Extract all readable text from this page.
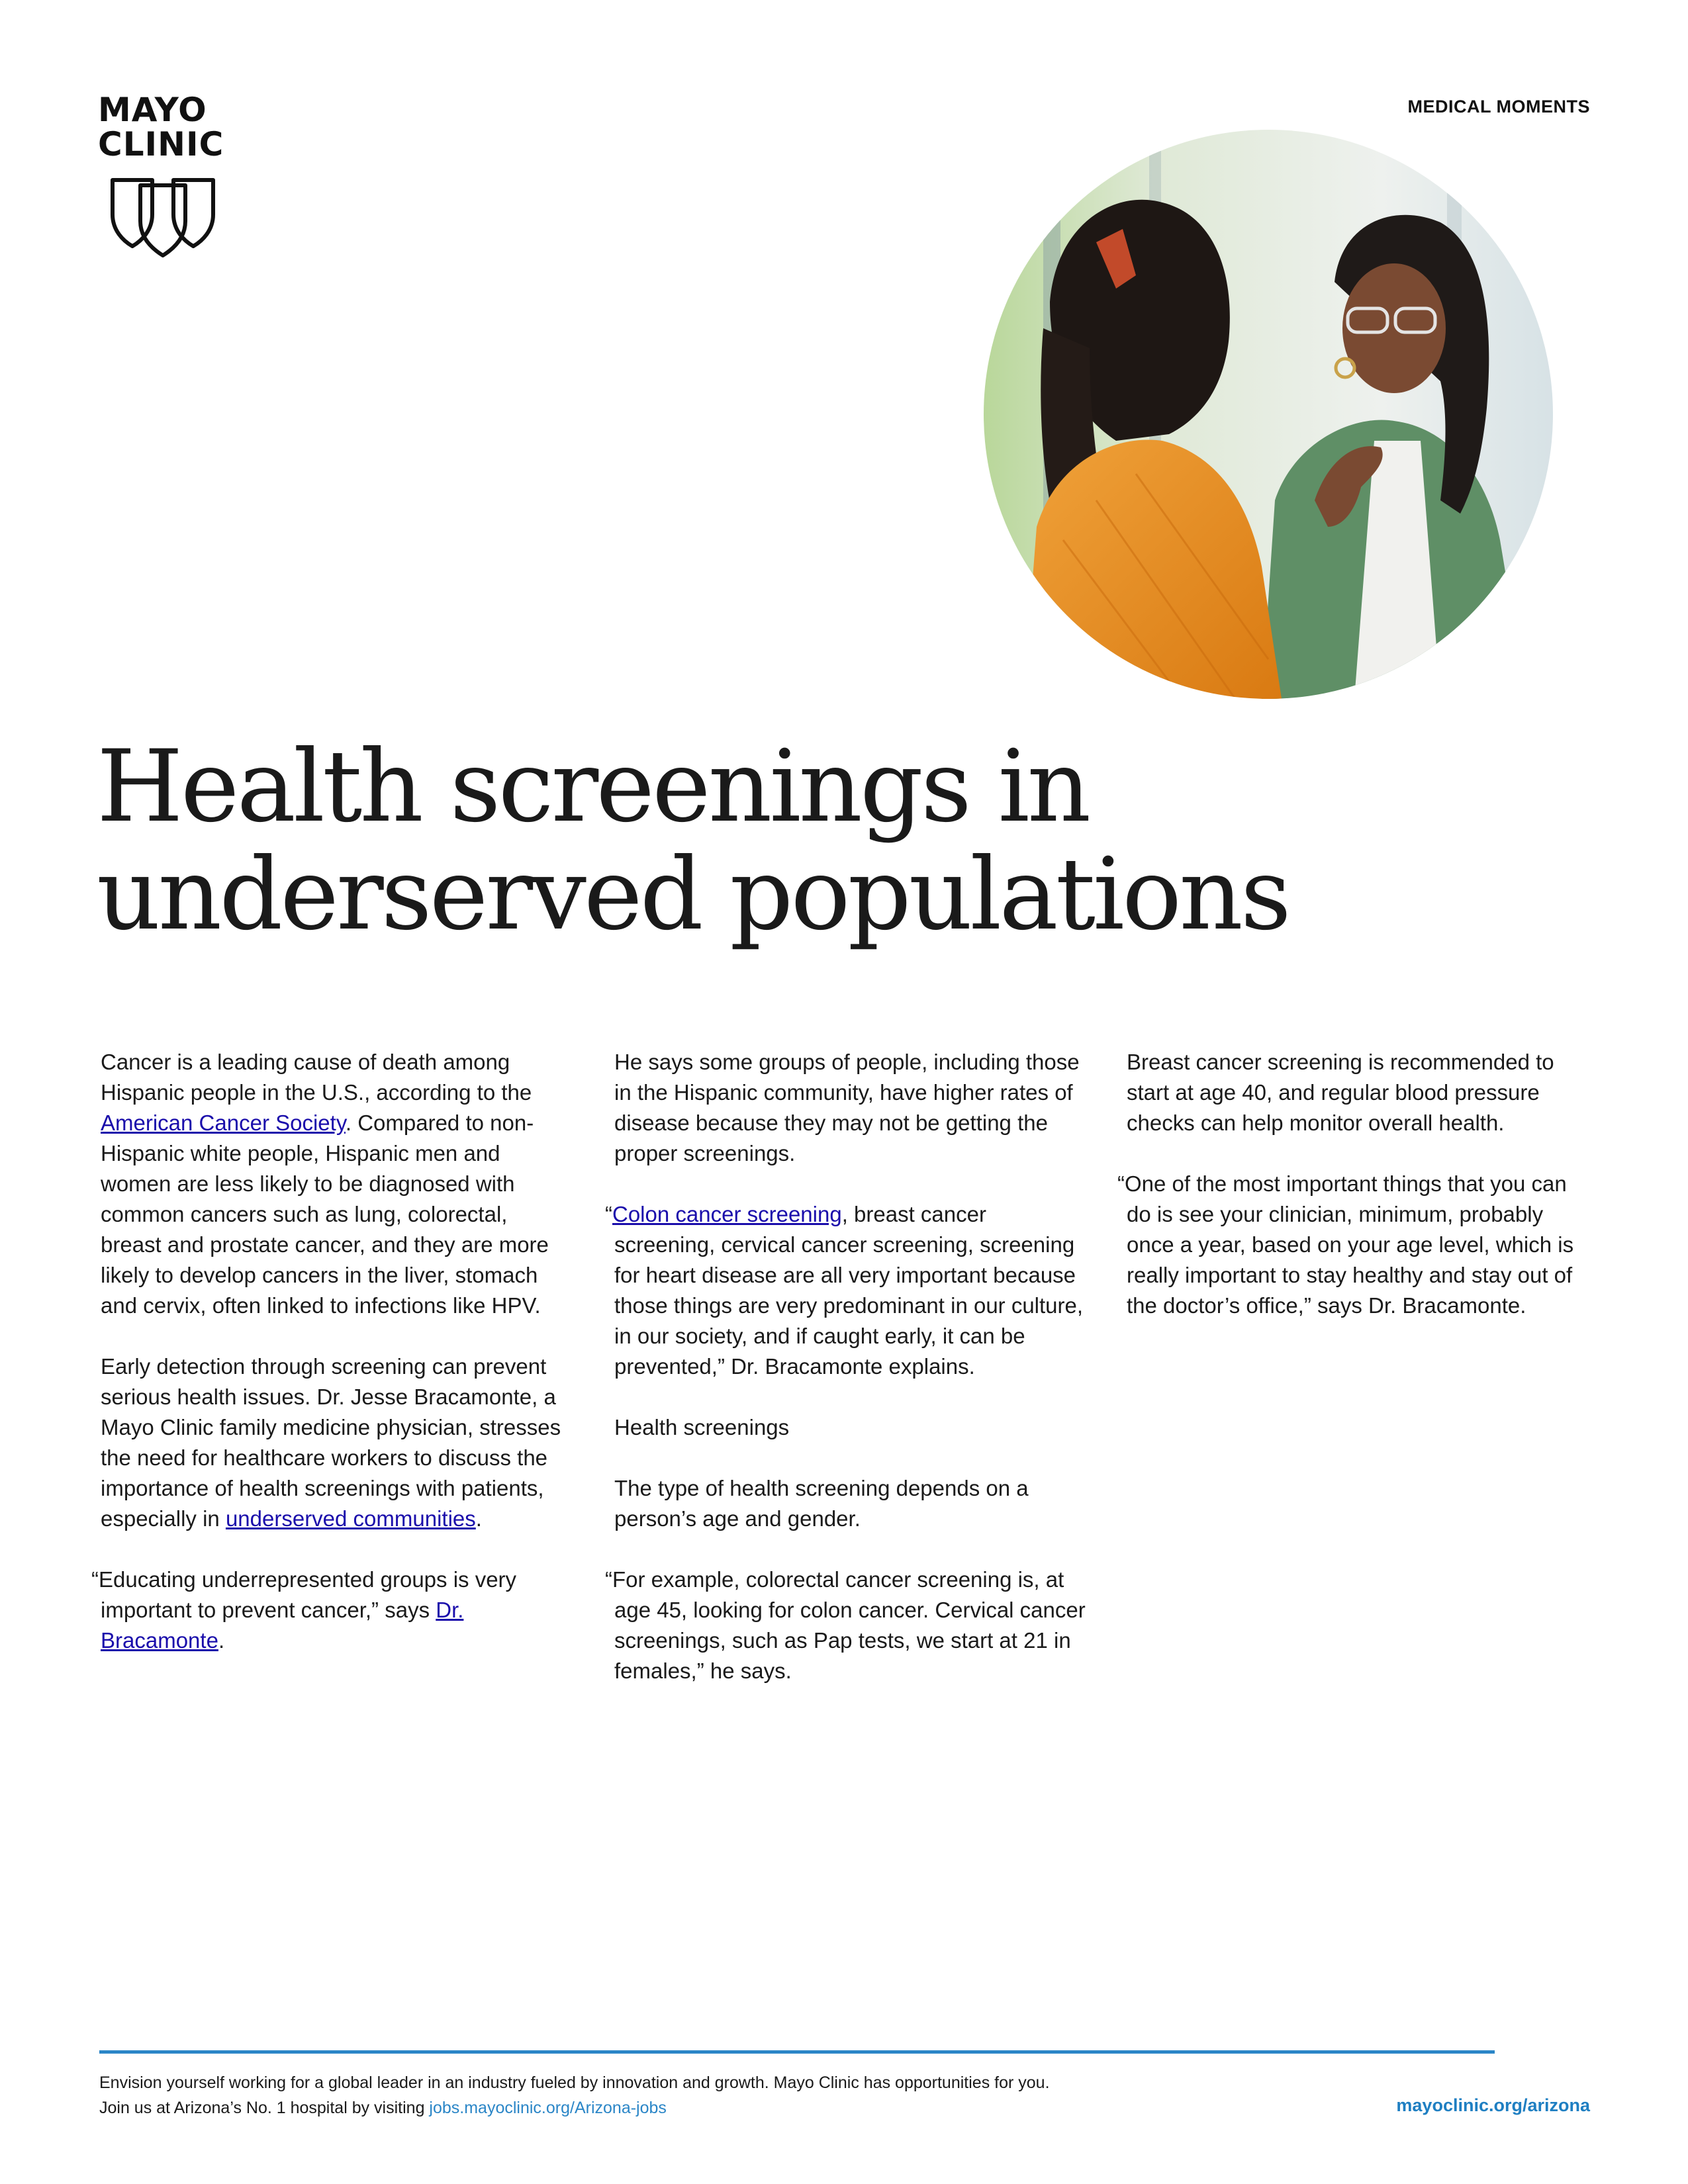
MAYO
CLINIC
MEDICAL MOMENTS
Health screenings in
underserved populations

Cancer is a leading cause of death among Hispanic people in the U.S., according to the American Cancer Society. Compared to non-Hispanic white people, Hispanic men and women are less likely to be diagnosed with common cancers such as lung, colorectal, breast and prostate cancer, and they are more likely to develop cancers in the liver, stomach and cervix, often linked to infections like HPV.

Early detection through screening can prevent serious health issues. Dr. Jesse Bracamonte, a Mayo Clinic family medicine physician, stresses the need for healthcare workers to discuss the importance of health screenings with patients, especially in underserved communities.

“Educating underrepresented groups is very important to prevent cancer,” says Dr. Bracamonte.

He says some groups of people, including those in the Hispanic community, have higher rates of disease because they may not be getting the proper screenings.

“Colon cancer screening, breast cancer screening, cervical cancer screening, screening for heart disease are all very important because those things are very predominant in our culture, in our society, and if caught early, it can be prevented,” Dr. Bracamonte explains.

Health screenings

The type of health screening depends on a person’s age and gender.

“For example, colorectal cancer screening is, at age 45, looking for colon cancer. Cervical cancer screenings, such as Pap tests, we start at 21 in females,” he says.

Breast cancer screening is recommended to start at age 40, and regular blood pressure checks can help monitor overall health.

“One of the most important things that you can do is see your clinician, minimum, probably once a year, based on your age level, which is really important to stay healthy and stay out of the doctor’s office,” says Dr. Bracamonte.

Envision yourself working for a global leader in an industry fueled by innovation and growth. Mayo Clinic has opportunities for you. Join us at Arizona’s No. 1 hospital by visiting jobs.mayoclinic.org/Arizona-jobs	mayoclinic.org/arizona
